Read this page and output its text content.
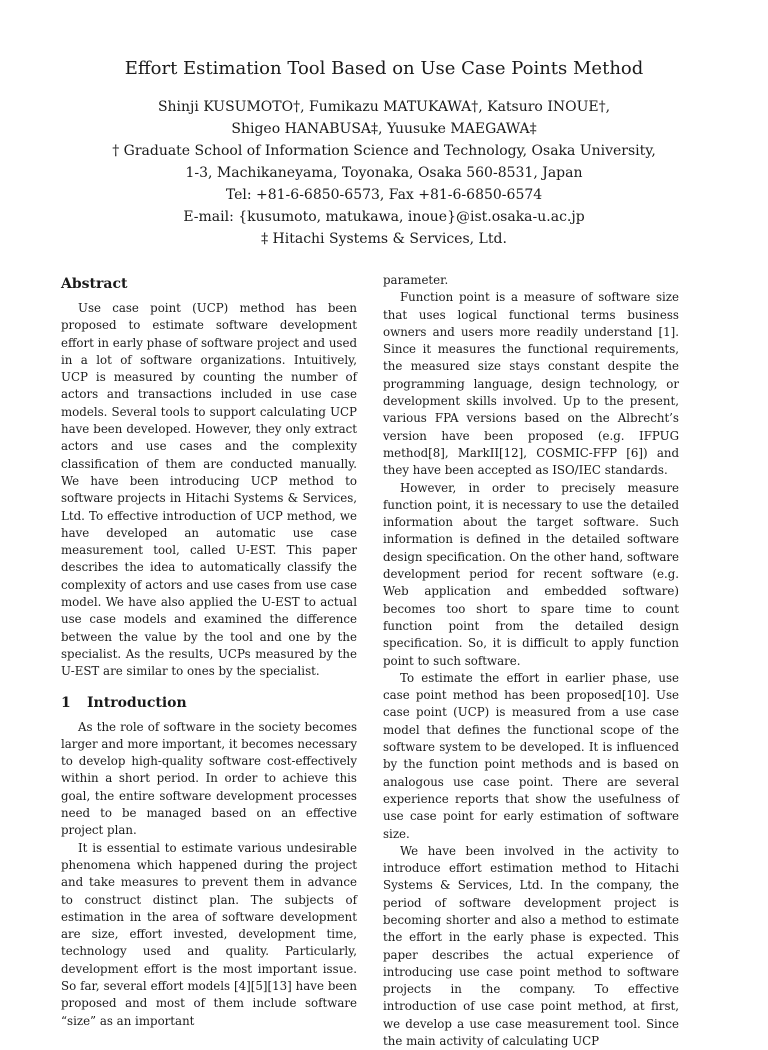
Effort Estimation Tool Based on Use Case Points Method
Shinji KUSUMOTO†, Fumikazu MATUKAWA†, Katsuro INOUE†,
Shigeo HANABUSA‡, Yuusuke MAEGAWA‡
† Graduate School of Information Science and Technology, Osaka University,
1-3, Machikaneyama, Toyonaka, Osaka 560-8531, Japan
Tel: +81-6-6850-6573, Fax +81-6-6850-6574
E-mail: {kusumoto, matukawa, inoue}@ist.osaka-u.ac.jp
‡ Hitachi Systems & Services, Ltd.
Abstract

Use case point (UCP) method has been proposed to estimate software development effort in early phase of software project and used in a lot of software organizations. Intuitively, UCP is measured by counting the number of actors and transactions included in use case models. Several tools to support calculating UCP have been developed. However, they only extract actors and use cases and the complexity classification of them are conducted manually. We have been introducing UCP method to software projects in Hitachi Systems & Services, Ltd. To effective introduction of UCP method, we have developed an automatic use case measurement tool, called U-EST. This paper describes the idea to automatically classify the complexity of actors and use cases from use case model. We have also applied the U-EST to actual use case models and examined the difference between the value by the tool and one by the specialist. As the results, UCPs measured by the U-EST are similar to ones by the specialist.

1 Introduction

As the role of software in the society becomes larger and more important, it becomes necessary to develop high-quality software cost-effectively within a short period. In order to achieve this goal, the entire software development processes need to be managed based on an effective project plan.

It is essential to estimate various undesirable phenomena which happened during the project and take measures to prevent them in advance to construct distinct plan. The subjects of estimation in the area of software development are size, effort invested, development time, technology used and quality. Particularly, development effort is the most important issue. So far, several effort models [4][5][13] have been proposed and most of them include software “size” as an important

parameter.

Function point is a measure of software size that uses logical functional terms business owners and users more readily understand [1]. Since it measures the functional requirements, the measured size stays constant despite the programming language, design technology, or development skills involved. Up to the present, various FPA versions based on the Albrecht’s version have been proposed (e.g. IFPUG method[8], MarkII[12], COSMIC-FFP [6]) and they have been accepted as ISO/IEC standards.

However, in order to precisely measure function point, it is necessary to use the detailed information about the target software. Such information is defined in the detailed software design specification. On the other hand, software development period for recent software (e.g. Web application and embedded software) becomes too short to spare time to count function point from the detailed design specification. So, it is difficult to apply function point to such software.

To estimate the effort in earlier phase, use case point method has been proposed[10]. Use case point (UCP) is measured from a use case model that defines the functional scope of the software system to be developed. It is influenced by the function point methods and is based on analogous use case point. There are several experience reports that show the usefulness of use case point for early estimation of software size.

We have been involved in the activity to introduce effort estimation method to Hitachi Systems & Services, Ltd. In the company, the period of software development project is becoming shorter and also a method to estimate the effort in the early phase is expected. This paper describes the actual experience of introducing use case point method to software projects in the company. To effective introduction of use case point method, at first, we develop a use case measurement tool. Since the main activity of calculating UCP
